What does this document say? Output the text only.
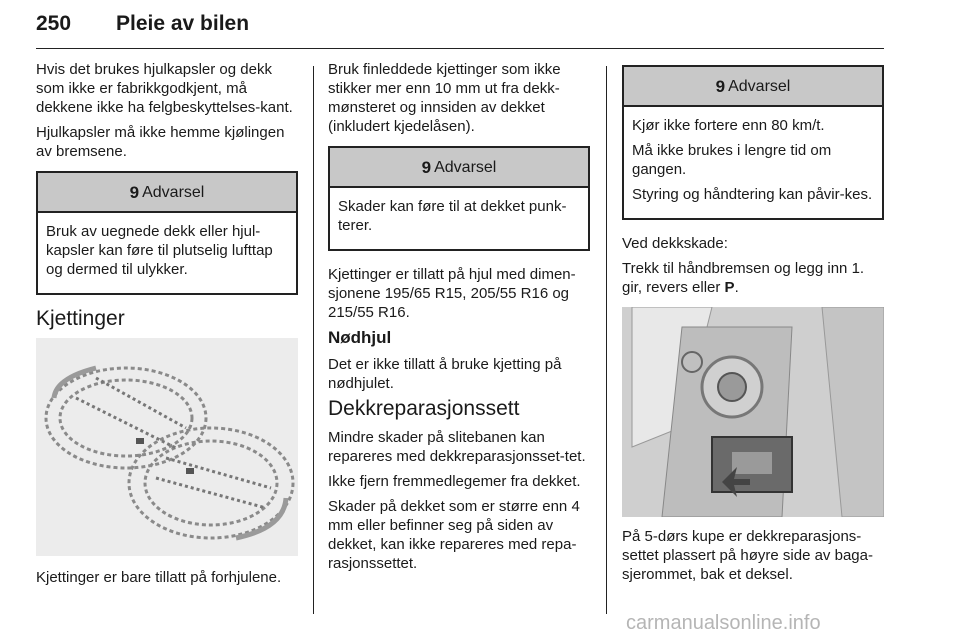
250 Pleie av bilen

Hvis det brukes hjulkapsler og dekk som ikke er fabrikkgodkjent, må dekkene ikke ha felgbeskyttelses-kant.

Hjulkapsler må ikke hemme kjølingen av bremsene.

9 Advarsel

Bruk av uegnede dekk eller hjul-kapsler kan føre til plutselig lufttap og dermed til ulykker.

Kjettinger

Kjettinger er bare tillatt på forhjulene.

Bruk finleddede kjettinger som ikke stikker mer enn 10 mm ut fra dekk-mønsteret og innsiden av dekket (inkludert kjedelåsen).

9 Advarsel

Skader kan føre til at dekket punk-terer.

Kjettinger er tillatt på hjul med dimen-sjonene 195/65 R15, 205/55 R16 og 215/55 R16.

Nødhjul

Det er ikke tillatt å bruke kjetting på nødhjulet.

Dekkreparasjonssett

Mindre skader på slitebanen kan repareres med dekkreparasjonsset-tet.

Ikke fjern fremmedlegemer fra dekket.

Skader på dekket som er større enn 4 mm eller befinner seg på siden av dekket, kan ikke repareres med repa-rasjonssettet.

9 Advarsel

Kjør ikke fortere enn 80 km/t.

Må ikke brukes i lengre tid om gangen.

Styring og håndtering kan påvir-kes.

Ved dekkskade:

Trekk til håndbremsen og legg inn 1. gir, revers eller P.

På 5-dørs kupe er dekkreparasjons-settet plassert på høyre side av baga-sjerommet, bak et deksel.

carmanualsonline.info
